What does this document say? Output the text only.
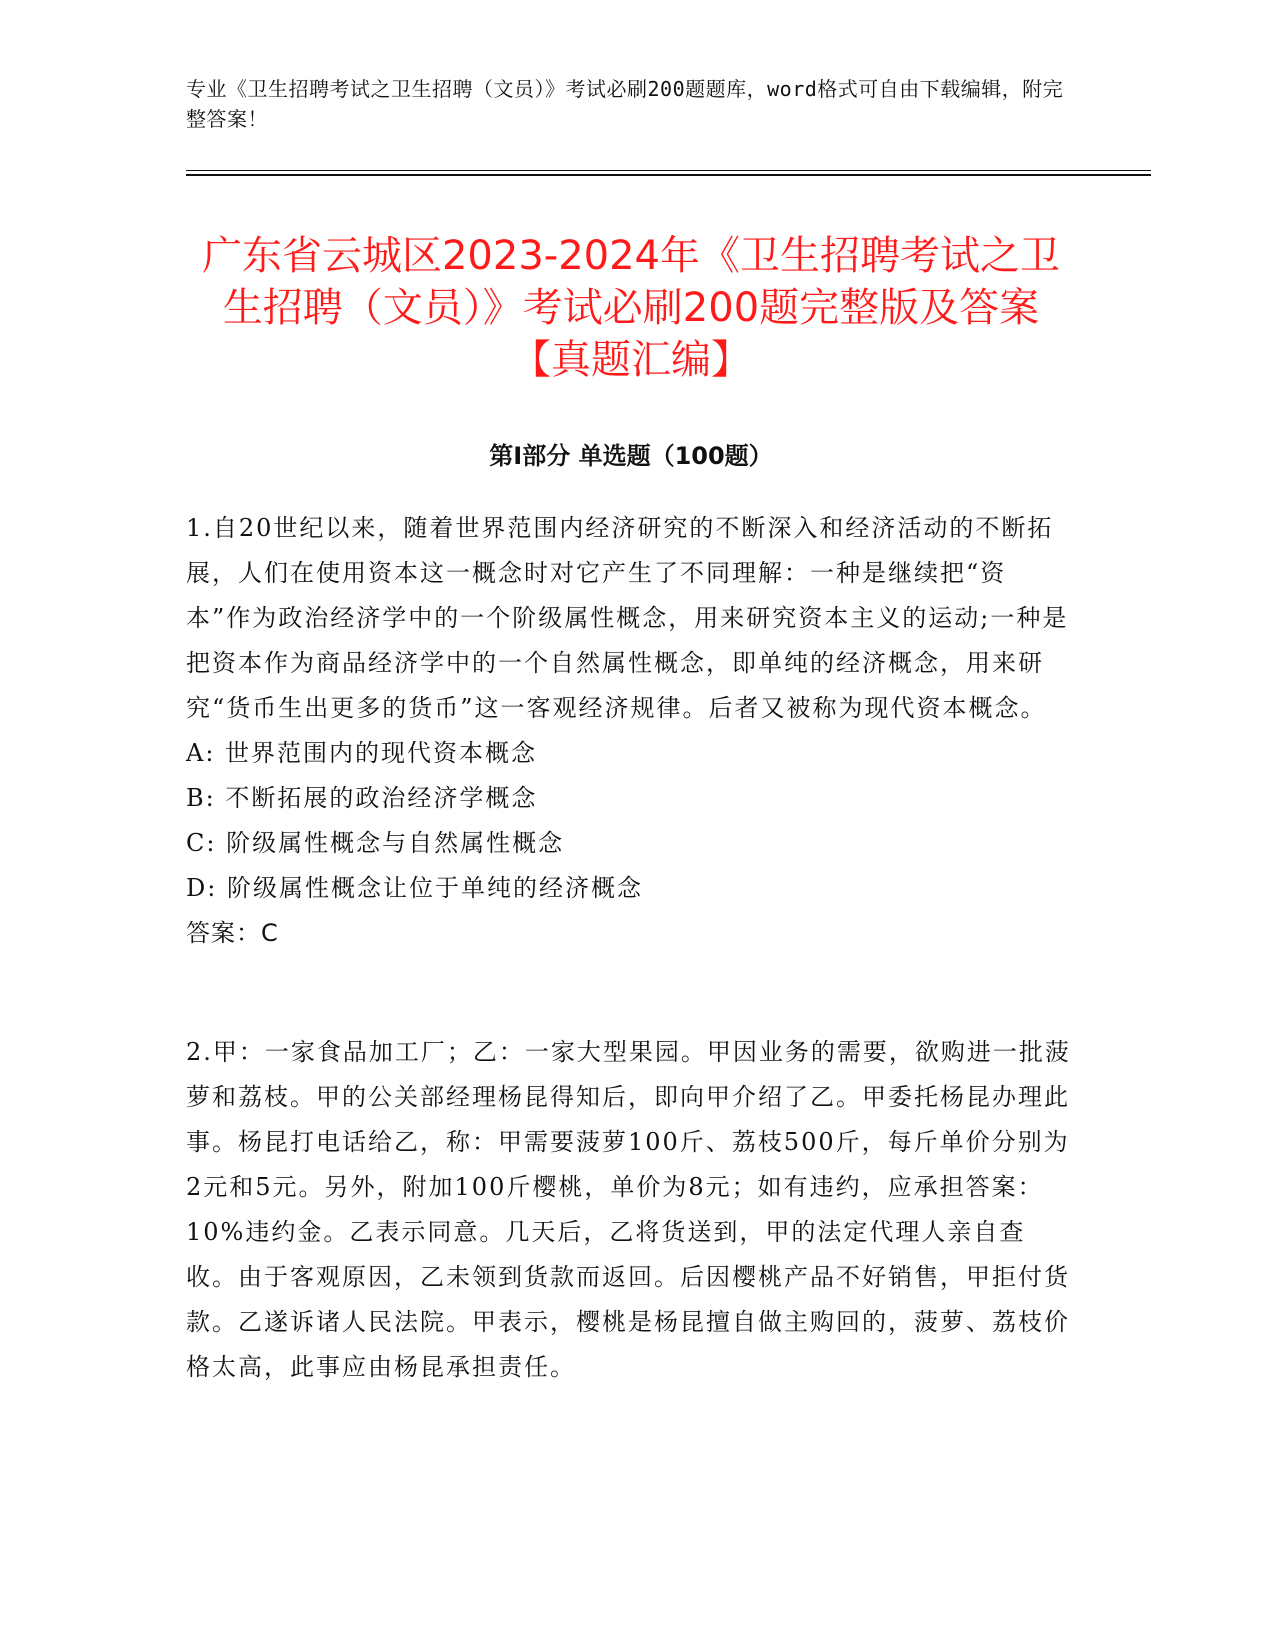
专业《卫生招聘考试之卫生招聘（文员）》考试必刷200题题库，word格式可自由下载编辑，附完整答案！
广东省云城区2023-2024年《卫生招聘考试之卫生招聘（文员）》考试必刷200题完整版及答案【真题汇编】
第I部分 单选题（100题）

1.自20世纪以来，随着世界范围内经济研究的不断深入和经济活动的不断拓展，人们在使用资本这一概念时对它产生了不同理解：一种是继续把“资本”作为政治经济学中的一个阶级属性概念，用来研究资本主义的运动;一种是把资本作为商品经济学中的一个自然属性概念，即单纯的经济概念，用来研究“货币生出更多的货币”这一客观经济规律。后者又被称为现代资本概念。

A: 世界范围内的现代资本概念

B: 不断拓展的政治经济学概念

C: 阶级属性概念与自然属性概念

D: 阶级属性概念让位于单纯的经济概念

答案：C

2.甲：一家食品加工厂；乙：一家大型果园。甲因业务的需要，欲购进一批菠萝和荔枝。甲的公关部经理杨昆得知后，即向甲介绍了乙。甲委托杨昆办理此事。杨昆打电话给乙，称：甲需要菠萝100斤、荔枝500斤，每斤单价分别为2元和5元。另外，附加100斤樱桃，单价为8元；如有违约，应承担答案：10%违约金。乙表示同意。几天后，乙将货送到，甲的法定代理人亲自查收。由于客观原因，乙未领到货款而返回。后因樱桃产品不好销售，甲拒付货款。乙遂诉诸人民法院。甲表示，樱桃是杨昆擅自做主购回的，菠萝、荔枝价格太高，此事应由杨昆承担责任。
